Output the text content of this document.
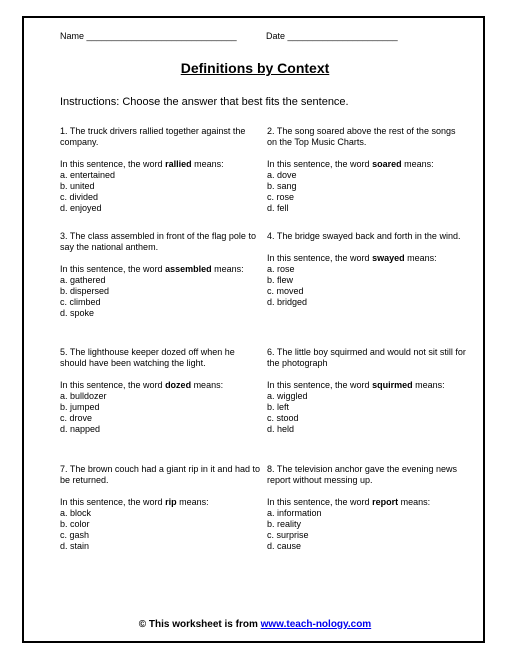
Name ______________________________	Date ______________________
Definitions by Context
Instructions: Choose the answer that best fits the sentence.

1. The truck drivers rallied together against the company.

In this sentence, the word rallied means:

a. entertained
b. united
c. divided
d. enjoyed

2. The song soared above the rest of the songs on the Top Music Charts.

In this sentence, the word soared means:

a. dove
b. sang
c. rose
d. fell

3. The class assembled in front of the flag pole to say the national anthem.

In this sentence, the word assembled means:

a. gathered
b. dispersed
c. climbed
d. spoke

4. The bridge swayed back and forth in the wind.

In this sentence, the word swayed means:

a. rose
b. flew
c. moved
d. bridged

5. The lighthouse keeper dozed off when he should have been watching the light.

In this sentence, the word dozed means:

a. bulldozer
b. jumped
c. drove
d. napped

6. The little boy squirmed and would not sit still for the photograph

In this sentence, the word squirmed means:

a. wiggled
b. left
c. stood
d. held

7. The brown couch had a giant rip in it and had to be returned.

In this sentence, the word rip means:

a. block
b. color
c. gash
d. stain

8. The television anchor gave the evening news report without messing up.

In this sentence, the word report means:

a. information
b. reality
c. surprise
d. cause
© This worksheet is from www.teach-nology.com
